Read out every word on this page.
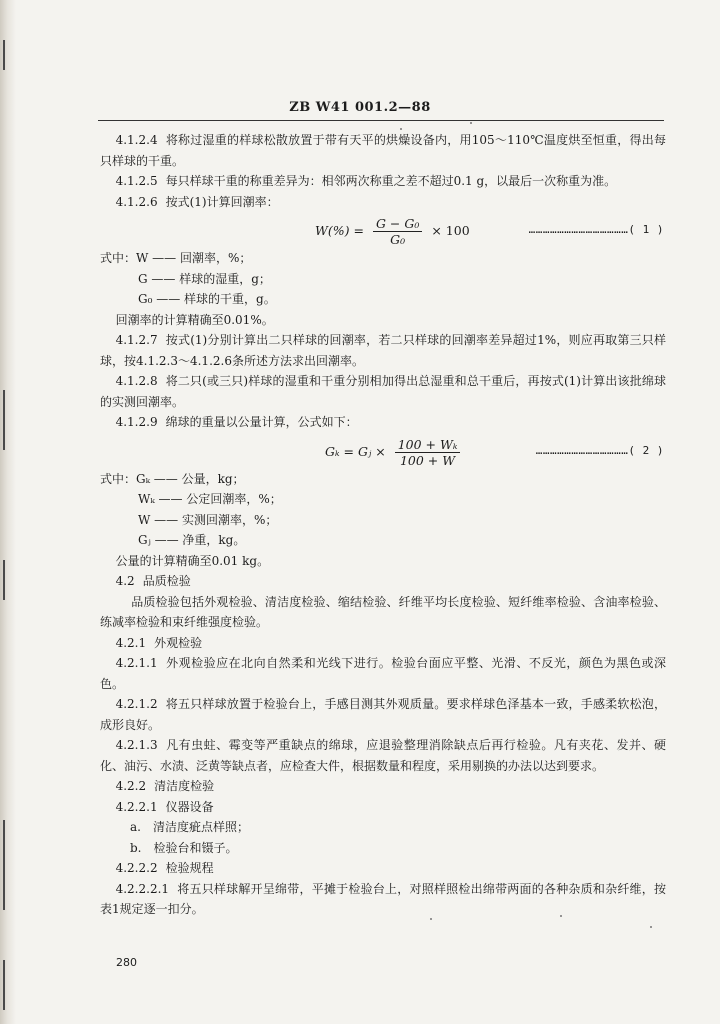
ZB W41 001.2—88

4.1.2.4 将称过湿重的样球松散放置于带有天平的烘燥设备内，用105～110℃温度烘至恒重，得出每只样球的干重。

4.1.2.5 每只样球干重的称重差异为：相邻两次称重之差不超过0.1 g，以最后一次称重为准。

4.1.2.6 按式(1)计算回潮率：

$W(\%) = \frac{\text{G − G₀}}{\text{G₀}} \times 100$	……………………………………( 1 )

式中：W —— 回潮率，%；

G —— 样球的湿重，g；

G₀ —— 样球的干重，g。

回潮率的计算精确至0.01%。

4.1.2.7 按式(1)分别计算出二只样球的回潮率，若二只样球的回潮率差异超过1%，则应再取第三只样球，按4.1.2.3～4.1.2.6条所述方法求出回潮率。

4.1.2.8 将二只(或三只)样球的湿重和干重分别相加得出总湿重和总干重后，再按式(1)计算出该批绵球的实测回潮率。

4.1.2.9 绵球的重量以公量计算，公式如下：

Gₖ = Gⱼ × $\frac{\text{100 + Wₖ}}{100 + W}$	…………………………………( 2 )

式中：Gₖ —— 公量，kg；

Wₖ —— 公定回潮率，%；

W —— 实测回潮率，%；

Gⱼ —— 净重，kg。

公量的计算精确至0.01 kg。

4.2 品质检验

品质检验包括外观检验、清洁度检验、缩结检验、纤维平均长度检验、短纤维率检验、含油率检验、练减率检验和束纤维强度检验。

4.2.1 外观检验

4.2.1.1 外观检验应在北向自然柔和光线下进行。检验台面应平整、光滑、不反光，颜色为黑色或深色。

4.2.1.2 将五只样球放置于检验台上，手感目测其外观质量。要求样球色泽基本一致，手感柔软松泡，成形良好。

4.2.1.3 凡有虫蛀、霉变等严重缺点的绵球，应退验整理消除缺点后再行检验。凡有夹花、发并、硬化、油污、水渍、泛黄等缺点者，应检查大件，根据数量和程度，采用剔换的办法以达到要求。

4.2.2 清洁度检验

4.2.2.1 仪器设备

a.　清洁度疵点样照；

b.　检验台和镊子。

4.2.2.2 检验规程

4.2.2.2.1 将五只样球解开呈绵带，平摊于检验台上，对照样照检出绵带两面的各种杂质和杂纤维，按表1规定逐一扣分。

280
